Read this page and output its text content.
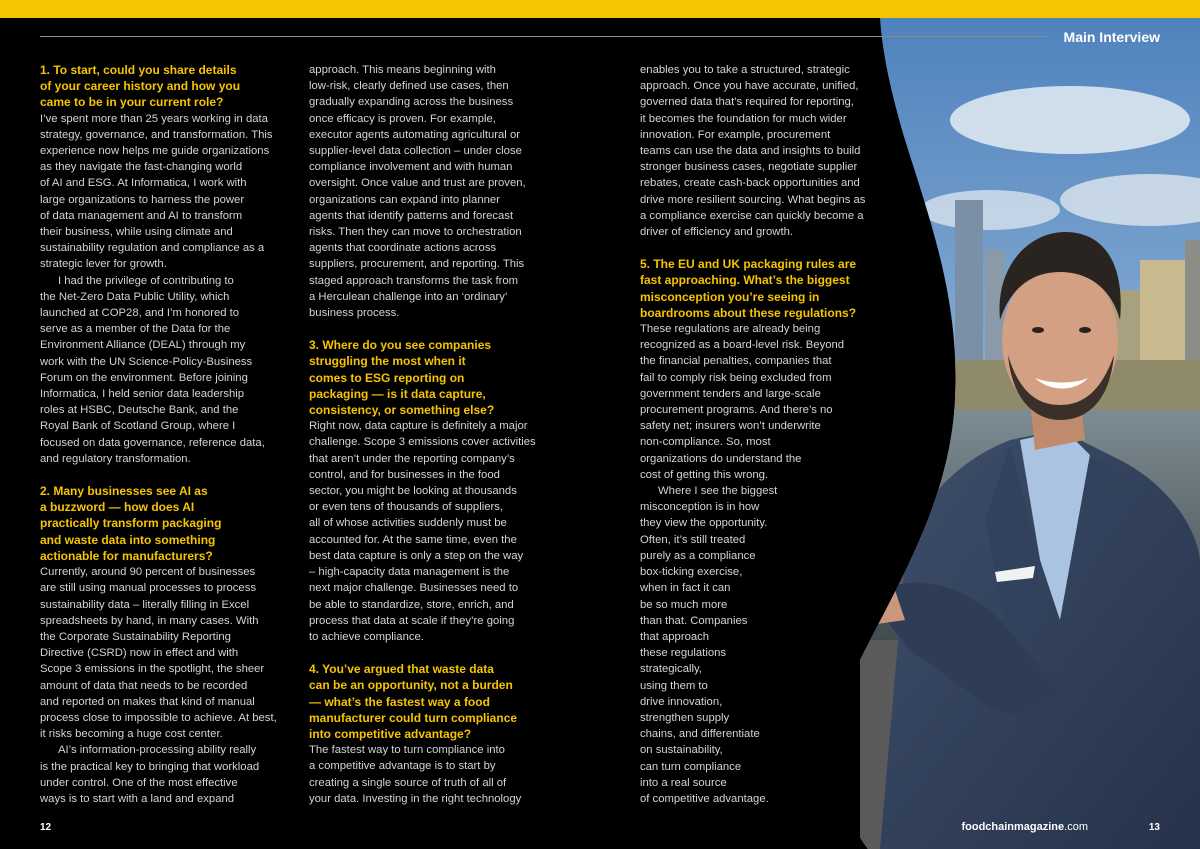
Main Interview
1. To start, could you share details
of your career history and how you
came to be in your current role?

I’ve spent more than 25 years working in data
strategy, governance, and transformation. This
experience now helps me guide organizations
as they navigate the fast-changing world
of AI and ESG. At Informatica, I work with
large organizations to harness the power
of data management and AI to transform
their business, while using climate and
sustainability regulation and compliance as a
strategic lever for growth.

I had the privilege of contributing to
the Net-Zero Data Public Utility, which
launched at COP28, and I’m honored to
serve as a member of the Data for the
Environment Alliance (DEAL) through my
work with the UN Science-Policy-Business
Forum on the environment. Before joining
Informatica, I held senior data leadership
roles at HSBC, Deutsche Bank, and the
Royal Bank of Scotland Group, where I
focused on data governance, reference data,
and regulatory transformation.

2. Many businesses see AI as
a buzzword — how does AI
practically transform packaging
and waste data into something
actionable for manufacturers?

Currently, around 90 percent of businesses
are still using manual processes to process
sustainability data – literally filling in Excel
spreadsheets by hand, in many cases. With
the Corporate Sustainability Reporting
Directive (CSRD) now in effect and with
Scope 3 emissions in the spotlight, the sheer
amount of data that needs to be recorded
and reported on makes that kind of manual
process close to impossible to achieve. At best,
it risks becoming a huge cost center.

AI’s information-processing ability really
is the practical key to bringing that workload
under control. One of the most effective
ways is to start with a land and expand

approach. This means beginning with
low-risk, clearly defined use cases, then
gradually expanding across the business
once efficacy is proven. For example,
executor agents automating agricultural or
supplier-level data collection – under close
compliance involvement and with human
oversight. Once value and trust are proven,
organizations can expand into planner
agents that identify patterns and forecast
risks. Then they can move to orchestration
agents that coordinate actions across
suppliers, procurement, and reporting. This
staged approach transforms the task from
a Herculean challenge into an ‘ordinary’
business process.

3. Where do you see companies
struggling the most when it
comes to ESG reporting on
packaging — is it data capture,
consistency, or something else?

Right now, data capture is definitely a major
challenge. Scope 3 emissions cover activities
that aren’t under the reporting company’s
control, and for businesses in the food
sector, you might be looking at thousands
or even tens of thousands of suppliers,
all of whose activities suddenly must be
accounted for. At the same time, even the
best data capture is only a step on the way
– high-capacity data management is the
next major challenge. Businesses need to
be able to standardize, store, enrich, and
process that data at scale if they’re going
to achieve compliance.

4. You’ve argued that waste data
can be an opportunity, not a burden
— what’s the fastest way a food
manufacturer could turn compliance
into competitive advantage?

The fastest way to turn compliance into
a competitive advantage is to start by
creating a single source of truth of all of
your data. Investing in the right technology

enables you to take a structured, strategic
approach. Once you have accurate, unified,
governed data that’s required for reporting,
it becomes the foundation for much wider
innovation. For example, procurement
teams can use the data and insights to build
stronger business cases, negotiate supplier
rebates, create cash-back opportunities and
drive more resilient sourcing. What begins as
a compliance exercise can quickly become a
driver of efficiency and growth.

5. The EU and UK packaging rules are
fast approaching. What’s the biggest
misconception you’re seeing in
boardrooms about these regulations?

These regulations are already being
recognized as a board-level risk. Beyond
the financial penalties, companies that
fail to comply risk being excluded from
government tenders and large-scale
procurement programs. And there’s no
safety net; insurers won’t underwrite
non-compliance. So, most
organizations do understand the
cost of getting this wrong.

Where I see the biggest
misconception is in how
they view the opportunity.
Often, it’s still treated
purely as a compliance
box-ticking exercise,
when in fact it can
be so much more
than that. Companies
that approach
these regulations
strategically,
using them to
drive innovation,
strengthen supply
chains, and differentiate
on sustainability,
can turn compliance
into a real source
of competitive advantage.

12	foodchainmagazine.com	13
